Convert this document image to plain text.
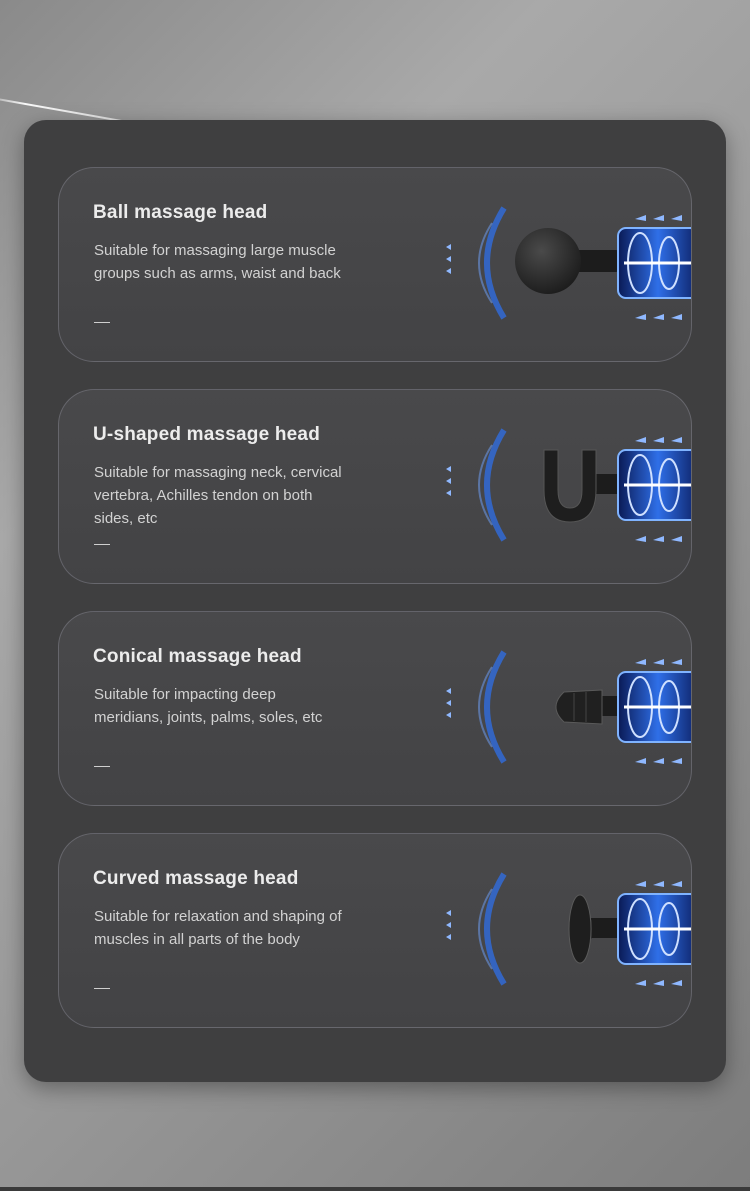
Ball massage head

Suitable for massaging large muscle groups such as arms, waist and back

U-shaped massage head

Suitable for massaging neck, cervical vertebra, Achilles tendon on both sides, etc

Conical massage head

Suitable for impacting deep meridians, joints, palms, soles, etc

Curved massage head

Suitable for relaxation and shaping of muscles in all parts of the body
